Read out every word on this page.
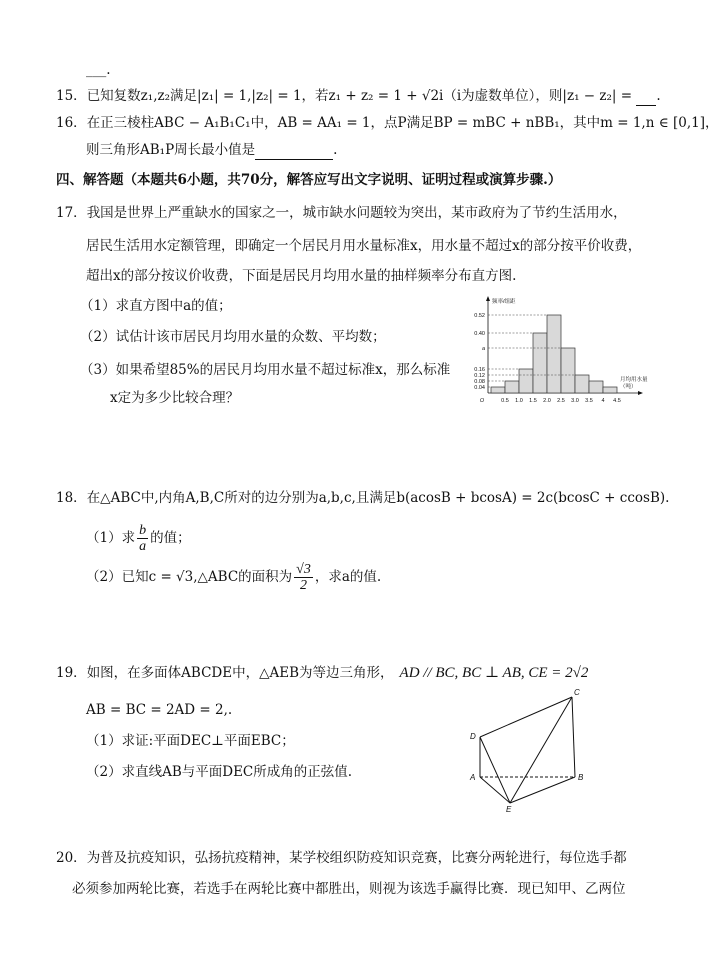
___.
15．已知复数z₁,z₂满足|z₁| = 1,|z₂| = 1，若z₁ + z₂ = 1 + √2i（i为虚数单位），则|z₁ − z₂| = .
16．在正三棱柱ABC − A₁B₁C₁中，AB = AA₁ = 1，点P满足BP = mBC + nBB₁，其中m = 1,n ∈ [0,1]，
则三角形AB₁P周长最小值是	.
四、解答题（本题共6小题，共70分，解答应写出文字说明、证明过程或演算步骤.）
17．我国是世界上严重缺水的国家之一，城市缺水问题较为突出，某市政府为了节约生活用水，
居民生活用水定额管理，即确定一个居民月用水量标准x，用水量不超过x的部分按平价收费，
超出x的部分按议价收费，下面是居民月均用水量的抽样频率分布直方图.
（1）求直方图中a的值；
（2）试估计该市居民月均用水量的众数、平均数；
（3）如果希望85%的居民月均用水量不超过标准x，那么标准
x定为多少比较合理？
频率/组距
0.52
0.40
a
0.16
0.12
0.08
0.04
O	0.5 1.0 1.5 2.0 2.5 3.0 3.5 4 4.5
月均用水量
（吨）
18．在△ABC中,内角A,B,C所对的边分别为a,b,c,且满足b(acosB + bcosA) = 2c(bcosC + ccosB).
（1）求 $\frac{b}{a}$ 的值；
（2）已知c = √3,△ABC的面积为 $\frac{√3}{2}$ ，求a的值.
19．如图，在多面体ABCDE中，△AEB为等边三角形， AD // BC, BC ⊥ AB, CE = 2√2
AB = BC = 2AD = 2,.
（1）求证:平面DEC⊥平面EBC；
（2）求直线AB与平面DEC所成角的正弦值.
C
D
A	B
E
20．为普及抗疫知识，弘扬抗疫精神，某学校组织防疫知识竞赛，比赛分两轮进行，每位选手都
必须参加两轮比赛，若选手在两轮比赛中都胜出，则视为该选手赢得比赛．现已知甲、乙两位
